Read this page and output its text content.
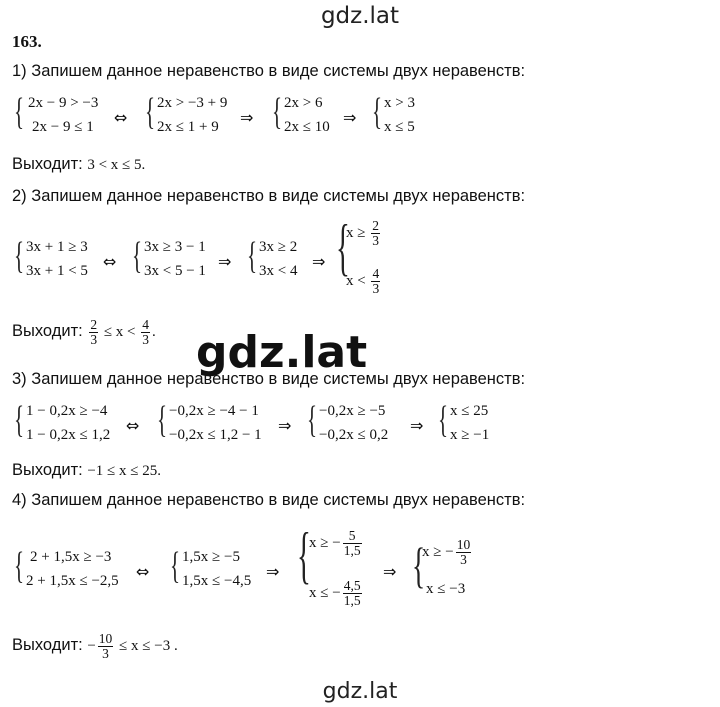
gdz.lat
gdz.lat
gdz.lat
163.
1) Запишем данное неравенство в виде системы двух неравенств:
{ 2x − 9 > −3
2x − 9 ≤ 1 ⇔ { 2x > −3 + 9
2x ≤ 1 + 9 ⇒ { 2x > 6
2x ≤ 10 ⇒ { x > 3
x ≤ 5
Выходит: 3 < x ≤ 5.
2) Запишем данное неравенство в виде системы двух неравенств:
{ 3x + 1 ≥ 3
3x + 1 < 5 ⇔ { 3x ≥ 3 − 1
3x < 5 − 1 ⇒ { 3x ≥ 2
3x < 4 ⇒ {
$x \ge \frac{2}{3}$
$x < \frac{4}{3}$
Выходит: $\frac{2}{3} \le x < \frac{4}{3}$ .
3) Запишем данное неравенство в виде системы двух неравенств:
{ 1 − 0,2x ≥ −4
1 − 0,2x ≤ 1,2 ⇔ { −0,2x ≥ −4 − 1
−0,2x ≤ 1,2 − 1 ⇒ { −0,2x ≥ −5
−0,2x ≤ 0,2 ⇒ { x ≤ 25
x ≥ −1
Выходит: −1 ≤ x ≤ 25.
4) Запишем данное неравенство в виде системы двух неравенств:
{ 2 + 1,5x ≥ −3
2 + 1,5x ≤ −2,5 ⇔ { 1,5x ≥ −5
1,5x ≤ −4,5 ⇒ {
x ≥ − $\frac{5}{1,5}$
x ≤ − $\frac{4,5}{1,5}$
⇒ {
x ≥ − $\frac{10}{3}$
x ≤ −3
Выходит: − $\frac{10}{3} \le x \le -3$ .
